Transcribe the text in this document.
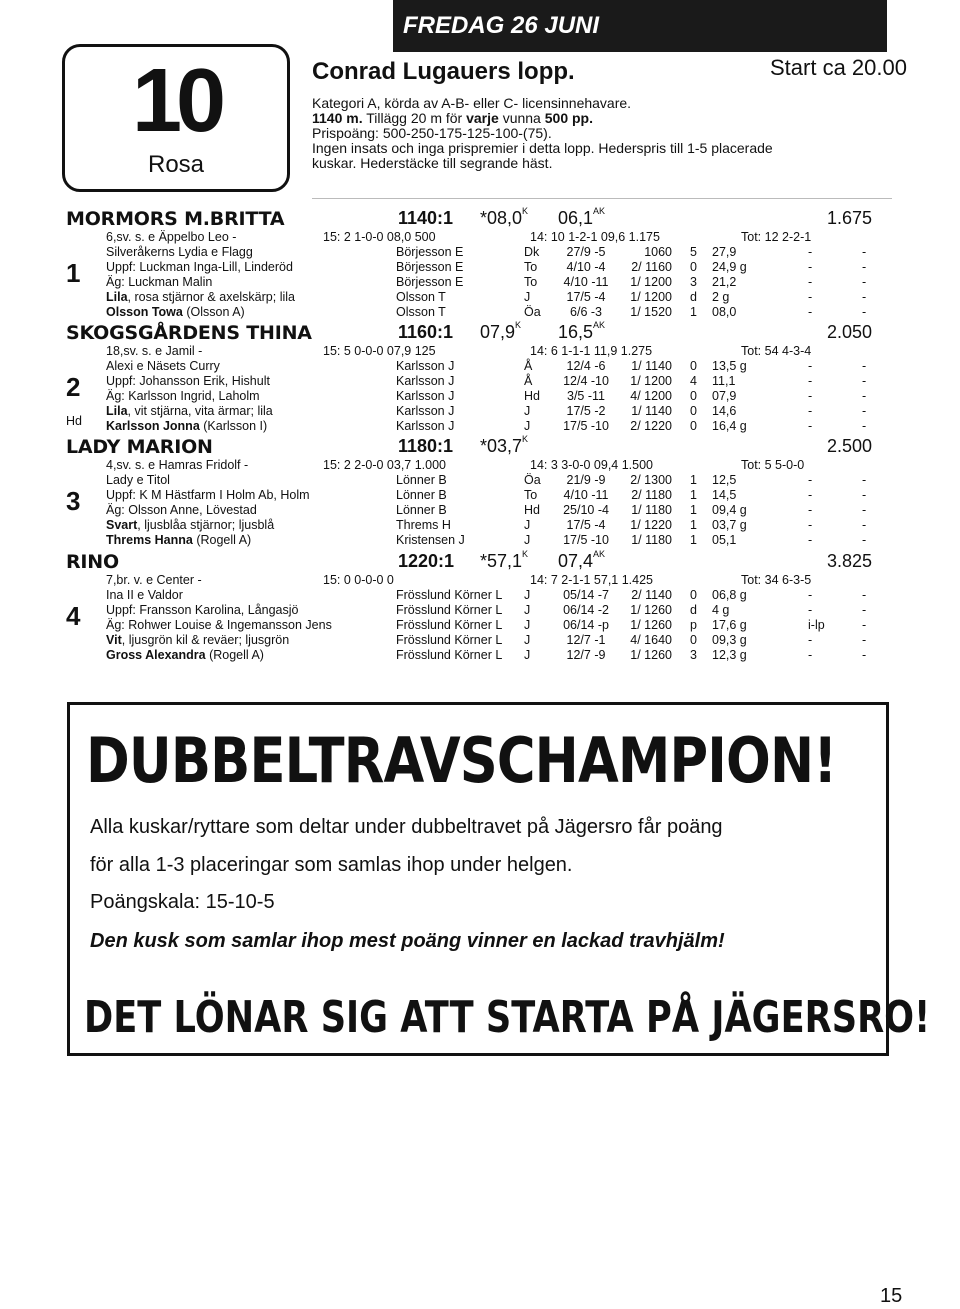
FREDAG 26 JUNI
10
Rosa
Conrad Lugauers lopp.	Start ca 20.00
Kategori A, körda av A-B- eller C- licensinnehavare.
1140 m. Tillägg 20 m för varje vunna 500 pp.
Prispoäng: 500-250-175-125-100-(75).
Ingen insats och inga prispremier i detta lopp. Hederspris till 1-5 placerade
kuskar. Hederstäcke till segrande häst.
MORMORS M.BRITTA	1140:1 $*08,0^K$ $06,1^{AK}$	1.675
6,sv. s. e Äppelbo Leo -	15: 2 1-0-0 08,0 500	14: 10 1-2-1 09,6 1.175	Tot: 12 2-2-1
1
Silveråkerns Lydia e Flagg	Börjesson E	Dk	27/9 -5	1060 5 27,9	-	-
Uppf: Luckman Inga-Lill, Linderöd	Börjesson E	To	4/10 -4	2/ 1160 0 24,9 g	-	-
Äg: Luckman Malin	Börjesson E	To	4/10 -11	1/ 1200 3 21,2	-	-
Lila, rosa stjärnor & axelskärp; lila	Olsson T	J	17/5 -4	1/ 1200 d 2 g	-	-
Olsson Towa (Olsson A)	Olsson T	Öa	6/6 -3	1/ 1520 1 08,0	-	-
SKOGSGÅRDENS THINA	1160:1 $07,9^K$ $16,5^{AK}$	2.050
18,sv. s. e Jamil -	15: 5 0-0-0 07,9 125	14: 6 1-1-1 11,9 1.275	Tot: 54 4-3-4
2
Hd
Alexi e Näsets Curry	Karlsson J	Å	12/4 -6	1/ 1140 0 13,5 g	-	-
Uppf: Johansson Erik, Hishult	Karlsson J	Å	12/4 -10	1/ 1200 4 11,1	-	-
Äg: Karlsson Ingrid, Laholm	Karlsson J	Hd	3/5 -11	4/ 1200 0 07,9	-	-
Lila, vit stjärna, vita ärmar; lila	Karlsson J	J	17/5 -2	1/ 1140 0 14,6	-	-
Karlsson Jonna (Karlsson I)	Karlsson J	J	17/5 -10	2/ 1220 0 16,4 g	-	-
LADY MARION	1180:1 $*03,7^K$	2.500
4,sv. s. e Hamras Fridolf -	15: 2 2-0-0 03,7 1.000	14: 3 3-0-0 09,4 1.500	Tot: 5 5-0-0
3
Lady e Titol	Lönner B	Öa	21/9 -9	2/ 1300 1 12,5	-	-
Uppf: K M Hästfarm I Holm Ab, Holm	Lönner B	To	4/10 -11	2/ 1180 1 14,5	-	-
Äg: Olsson Anne, Lövestad	Lönner B	Hd	25/10 -4	1/ 1180 1 09,4 g	-	-
Svart, ljusblåa stjärnor; ljusblå	Threms H	J	17/5 -4	1/ 1220 1 03,7 g	-	-
Threms Hanna (Rogell A)	Kristensen J	J	17/5 -10	1/ 1180 1 05,1	-	-
RINO	1220:1 $*57,1^K$ $07,4^{AK}$	3.825
7,br. v. e Center -	15: 0 0-0-0 0	14: 7 2-1-1 57,1 1.425	Tot: 34 6-3-5
4
Ina II e Valdor	Frösslund Körner L J	05/14 -7	2/ 1140 0 06,8 g	-	-
Uppf: Fransson Karolina, Långasjö	Frösslund Körner L J	06/14 -2	1/ 1260 d 4 g	-	-
Äg: Rohwer Louise & Ingemansson Jens	Frösslund Körner L J	06/14 -p	1/ 1260 p 17,6 g	i-lp	-
Vit, ljusgrön kil & reväer; ljusgrön	Frösslund Körner L J	12/7 -1	4/ 1640 0 09,3 g	-	-
Gross Alexandra (Rogell A)	Frösslund Körner L J	12/7 -9	1/ 1260 3 12,3 g	-	-
DUBBELTRAVSCHAMPION!
Alla kuskar/ryttare som deltar under dubbeltravet på Jägersro får poäng
för alla 1-3 placeringar som samlas ihop under helgen.
Poängskala: 15-10-5
Den kusk som samlar ihop mest poäng vinner en lackad travhjälm!
DET LÖNAR SIG ATT STARTA PÅ JÄGERSRO!
15
